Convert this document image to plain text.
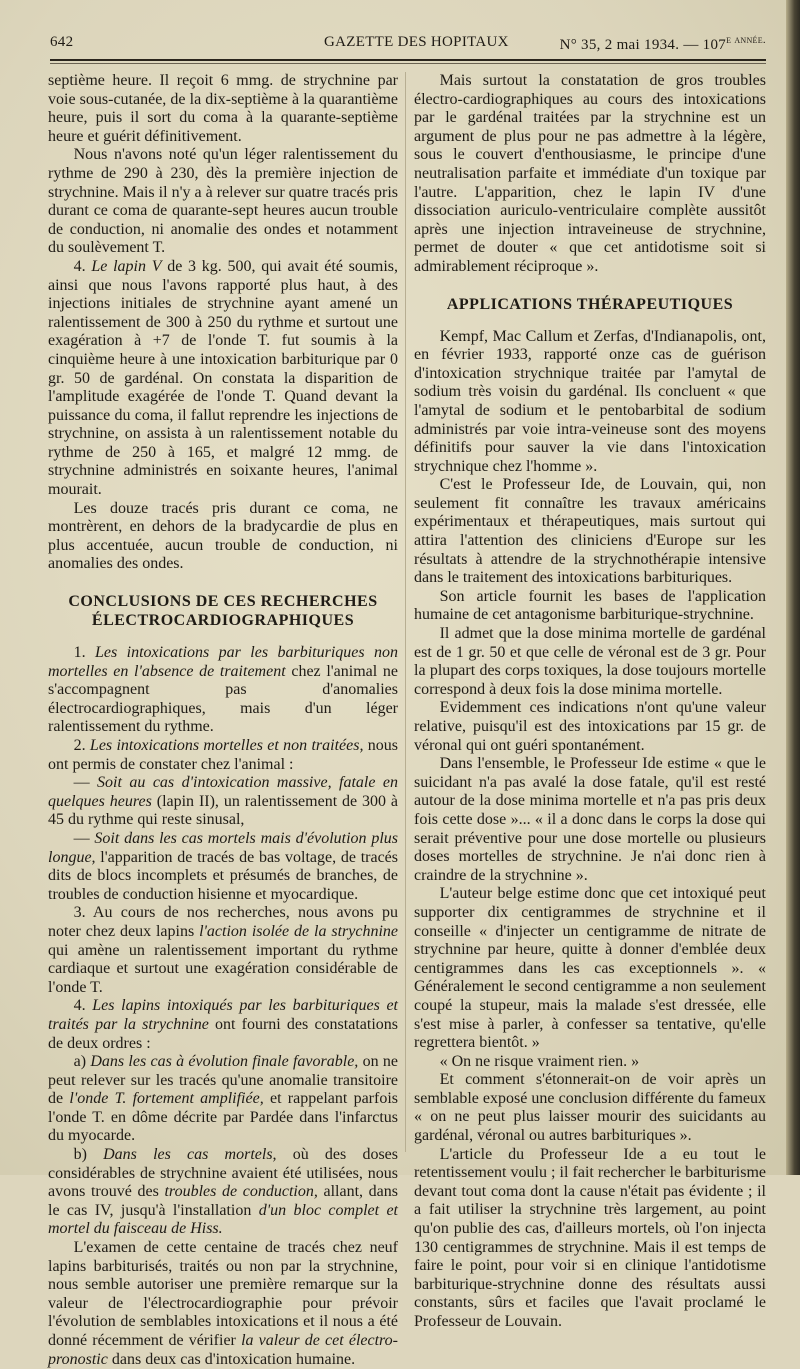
642	GAZETTE DES HOPITAUX	N° 35, 2 mai 1934. — $107^{e année.}$

septième heure. Il reçoit 6 mmg. de strychnine par voie sous-cutanée, de la dix-septième à la quarantième heure, puis il sort du coma à la quarante-septième heure et guérit définitivement.

Nous n'avons noté qu'un léger ralentissement du rythme de 290 à 230, dès la première injection de strychnine. Mais il n'y a à relever sur quatre tracés pris durant ce coma de quarante-sept heures aucun trouble de conduction, ni anomalie des ondes et notamment du soulèvement T.

4. Le lapin V de 3 kg. 500, qui avait été soumis, ainsi que nous l'avons rapporté plus haut, à des injections initiales de strychnine ayant amené un ralentissement de 300 à 250 du rythme et surtout une exagération à +7 de l'onde T. fut soumis à la cinquième heure à une intoxication barbiturique par 0 gr. 50 de gardénal. On constata la disparition de l'amplitude exagérée de l'onde T. Quand devant la puissance du coma, il fallut reprendre les injections de strychnine, on assista à un ralentissement notable du rythme de 250 à 165, et malgré 12 mmg. de strychnine administrés en soixante heures, l'animal mourait.

Les douze tracés pris durant ce coma, ne montrèrent, en dehors de la bradycardie de plus en plus accentuée, aucun trouble de conduction, ni anomalies des ondes.

CONCLUSIONS DE CES RECHERCHES ÉLECTROCARDIOGRAPHIQUES

1. Les intoxications par les barbituriques non mortelles en l'absence de traitement chez l'animal ne s'accompagnent pas d'anomalies électrocardiographiques, mais d'un léger ralentissement du rythme.

2. Les intoxications mortelles et non traitées, nous ont permis de constater chez l'animal :

— Soit au cas d'intoxication massive, fatale en quelques heures (lapin II), un ralentissement de 300 à 45 du rythme qui reste sinusal,

— Soit dans les cas mortels mais d'évolution plus longue, l'apparition de tracés de bas voltage, de tracés dits de blocs incomplets et présumés de branches, de troubles de conduction hisienne et myocardique.

3. Au cours de nos recherches, nous avons pu noter chez deux lapins l'action isolée de la strychnine qui amène un ralentissement important du rythme cardiaque et surtout une exagération considérable de l'onde T.

4. Les lapins intoxiqués par les barbituriques et traités par la strychnine ont fourni des constatations de deux ordres :

a) Dans les cas à évolution finale favorable, on ne peut relever sur les tracés qu'une anomalie transitoire de l'onde T. fortement amplifiée, et rappelant parfois l'onde T. en dôme décrite par Pardée dans l'infarctus du myocarde.

b) Dans les cas mortels, où des doses considérables de strychnine avaient été utilisées, nous avons trouvé des troubles de conduction, allant, dans le cas IV, jusqu'à l'installation d'un bloc complet et mortel du faisceau de Hiss.

L'examen de cette centaine de tracés chez neuf lapins barbiturisés, traités ou non par la strychnine, nous semble autoriser une première remarque sur la valeur de l'électrocardiographie pour prévoir l'évolution de semblables intoxications et il nous a été donné récemment de vérifier la valeur de cet électro-pronostic dans deux cas d'intoxication humaine.

Mais surtout la constatation de gros troubles électro-cardiographiques au cours des intoxications par le gardénal traitées par la strychnine est un argument de plus pour ne pas admettre à la légère, sous le couvert d'enthousiasme, le principe d'une neutralisation parfaite et immédiate d'un toxique par l'autre. L'apparition, chez le lapin IV d'une dissociation auriculo-ventriculaire complète aussitôt après une injection intraveineuse de strychnine, permet de douter « que cet antidotisme soit si admirablement réciproque ».

APPLICATIONS THÉRAPEUTIQUES

Kempf, Mac Callum et Zerfas, d'Indianapolis, ont, en février 1933, rapporté onze cas de guérison d'intoxication strychnique traitée par l'amytal de sodium très voisin du gardénal. Ils concluent « que l'amytal de sodium et le pentobarbital de sodium administrés par voie intra-veineuse sont des moyens définitifs pour sauver la vie dans l'intoxication strychnique chez l'homme ».

C'est le Professeur Ide, de Louvain, qui, non seulement fit connaître les travaux américains expérimentaux et thérapeutiques, mais surtout qui attira l'attention des cliniciens d'Europe sur les résultats à attendre de la strychnothérapie intensive dans le traitement des intoxications barbituriques.

Son article fournit les bases de l'application humaine de cet antagonisme barbiturique-strychnine.

Il admet que la dose minima mortelle de gardénal est de 1 gr. 50 et que celle de véronal est de 3 gr. Pour la plupart des corps toxiques, la dose toujours mortelle correspond à deux fois la dose minima mortelle.

Evidemment ces indications n'ont qu'une valeur relative, puisqu'il est des intoxications par 15 gr. de véronal qui ont guéri spontanément.

Dans l'ensemble, le Professeur Ide estime « que le suicidant n'a pas avalé la dose fatale, qu'il est resté autour de la dose minima mortelle et n'a pas pris deux fois cette dose »... « il a donc dans le corps la dose qui serait préventive pour une dose mortelle ou plusieurs doses mortelles de strychnine. Je n'ai donc rien à craindre de la strychnine ».

L'auteur belge estime donc que cet intoxiqué peut supporter dix centigrammes de strychnine et il conseille « d'injecter un centigramme de nitrate de strychnine par heure, quitte à donner d'emblée deux centigrammes dans les cas exceptionnels ». « Généralement le second centigramme a non seulement coupé la stupeur, mais la malade s'est dressée, elle s'est mise à parler, à confesser sa tentative, qu'elle regrettera bientôt. »

« On ne risque vraiment rien. »

Et comment s'étonnerait-on de voir après un semblable exposé une conclusion différente du fameux « on ne peut plus laisser mourir des suicidants au gardénal, véronal ou autres barbituriques ».

L'article du Professeur Ide a eu tout le retentissement voulu ; il fait rechercher le barbiturisme devant tout coma dont la cause n'était pas évidente ; il a fait utiliser la strychnine très largement, au point qu'on publie des cas, d'ailleurs mortels, où l'on injecta 130 centigrammes de strychnine. Mais il est temps de faire le point, pour voir si en clinique l'antidotisme barbiturique-strychnine donne des résultats aussi constants, sûrs et faciles que l'avait proclamé le Professeur de Louvain.
